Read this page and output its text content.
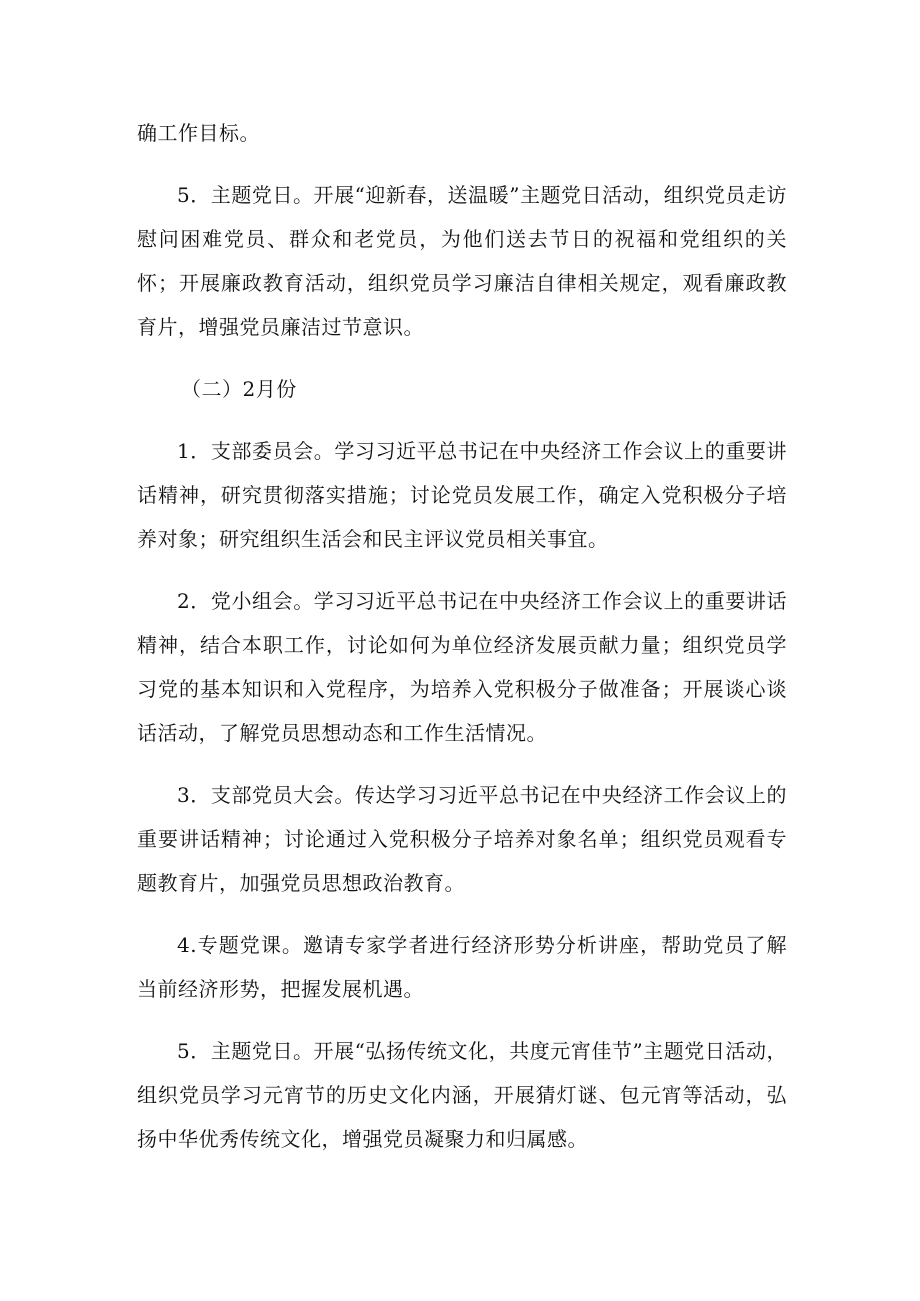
确工作目标。

5．主题党日。开展“迎新春，送温暖”主题党日活动，组织党员走访慰问困难党员、群众和老党员，为他们送去节日的祝福和党组织的关怀；开展廉政教育活动，组织党员学习廉洁自律相关规定，观看廉政教育片，增强党员廉洁过节意识。

（二）2月份

1．支部委员会。学习习近平总书记在中央经济工作会议上的重要讲话精神，研究贯彻落实措施；讨论党员发展工作，确定入党积极分子培养对象；研究组织生活会和民主评议党员相关事宜。

2．党小组会。学习习近平总书记在中央经济工作会议上的重要讲话精神，结合本职工作，讨论如何为单位经济发展贡献力量；组织党员学习党的基本知识和入党程序，为培养入党积极分子做准备；开展谈心谈话活动，了解党员思想动态和工作生活情况。

3．支部党员大会。传达学习习近平总书记在中央经济工作会议上的重要讲话精神；讨论通过入党积极分子培养对象名单；组织党员观看专题教育片，加强党员思想政治教育。

4.专题党课。邀请专家学者进行经济形势分析讲座，帮助党员了解当前经济形势，把握发展机遇。

5．主题党日。开展“弘扬传统文化，共度元宵佳节”主题党日活动，组织党员学习元宵节的历史文化内涵，开展猜灯谜、包元宵等活动，弘扬中华优秀传统文化，增强党员凝聚力和归属感。
